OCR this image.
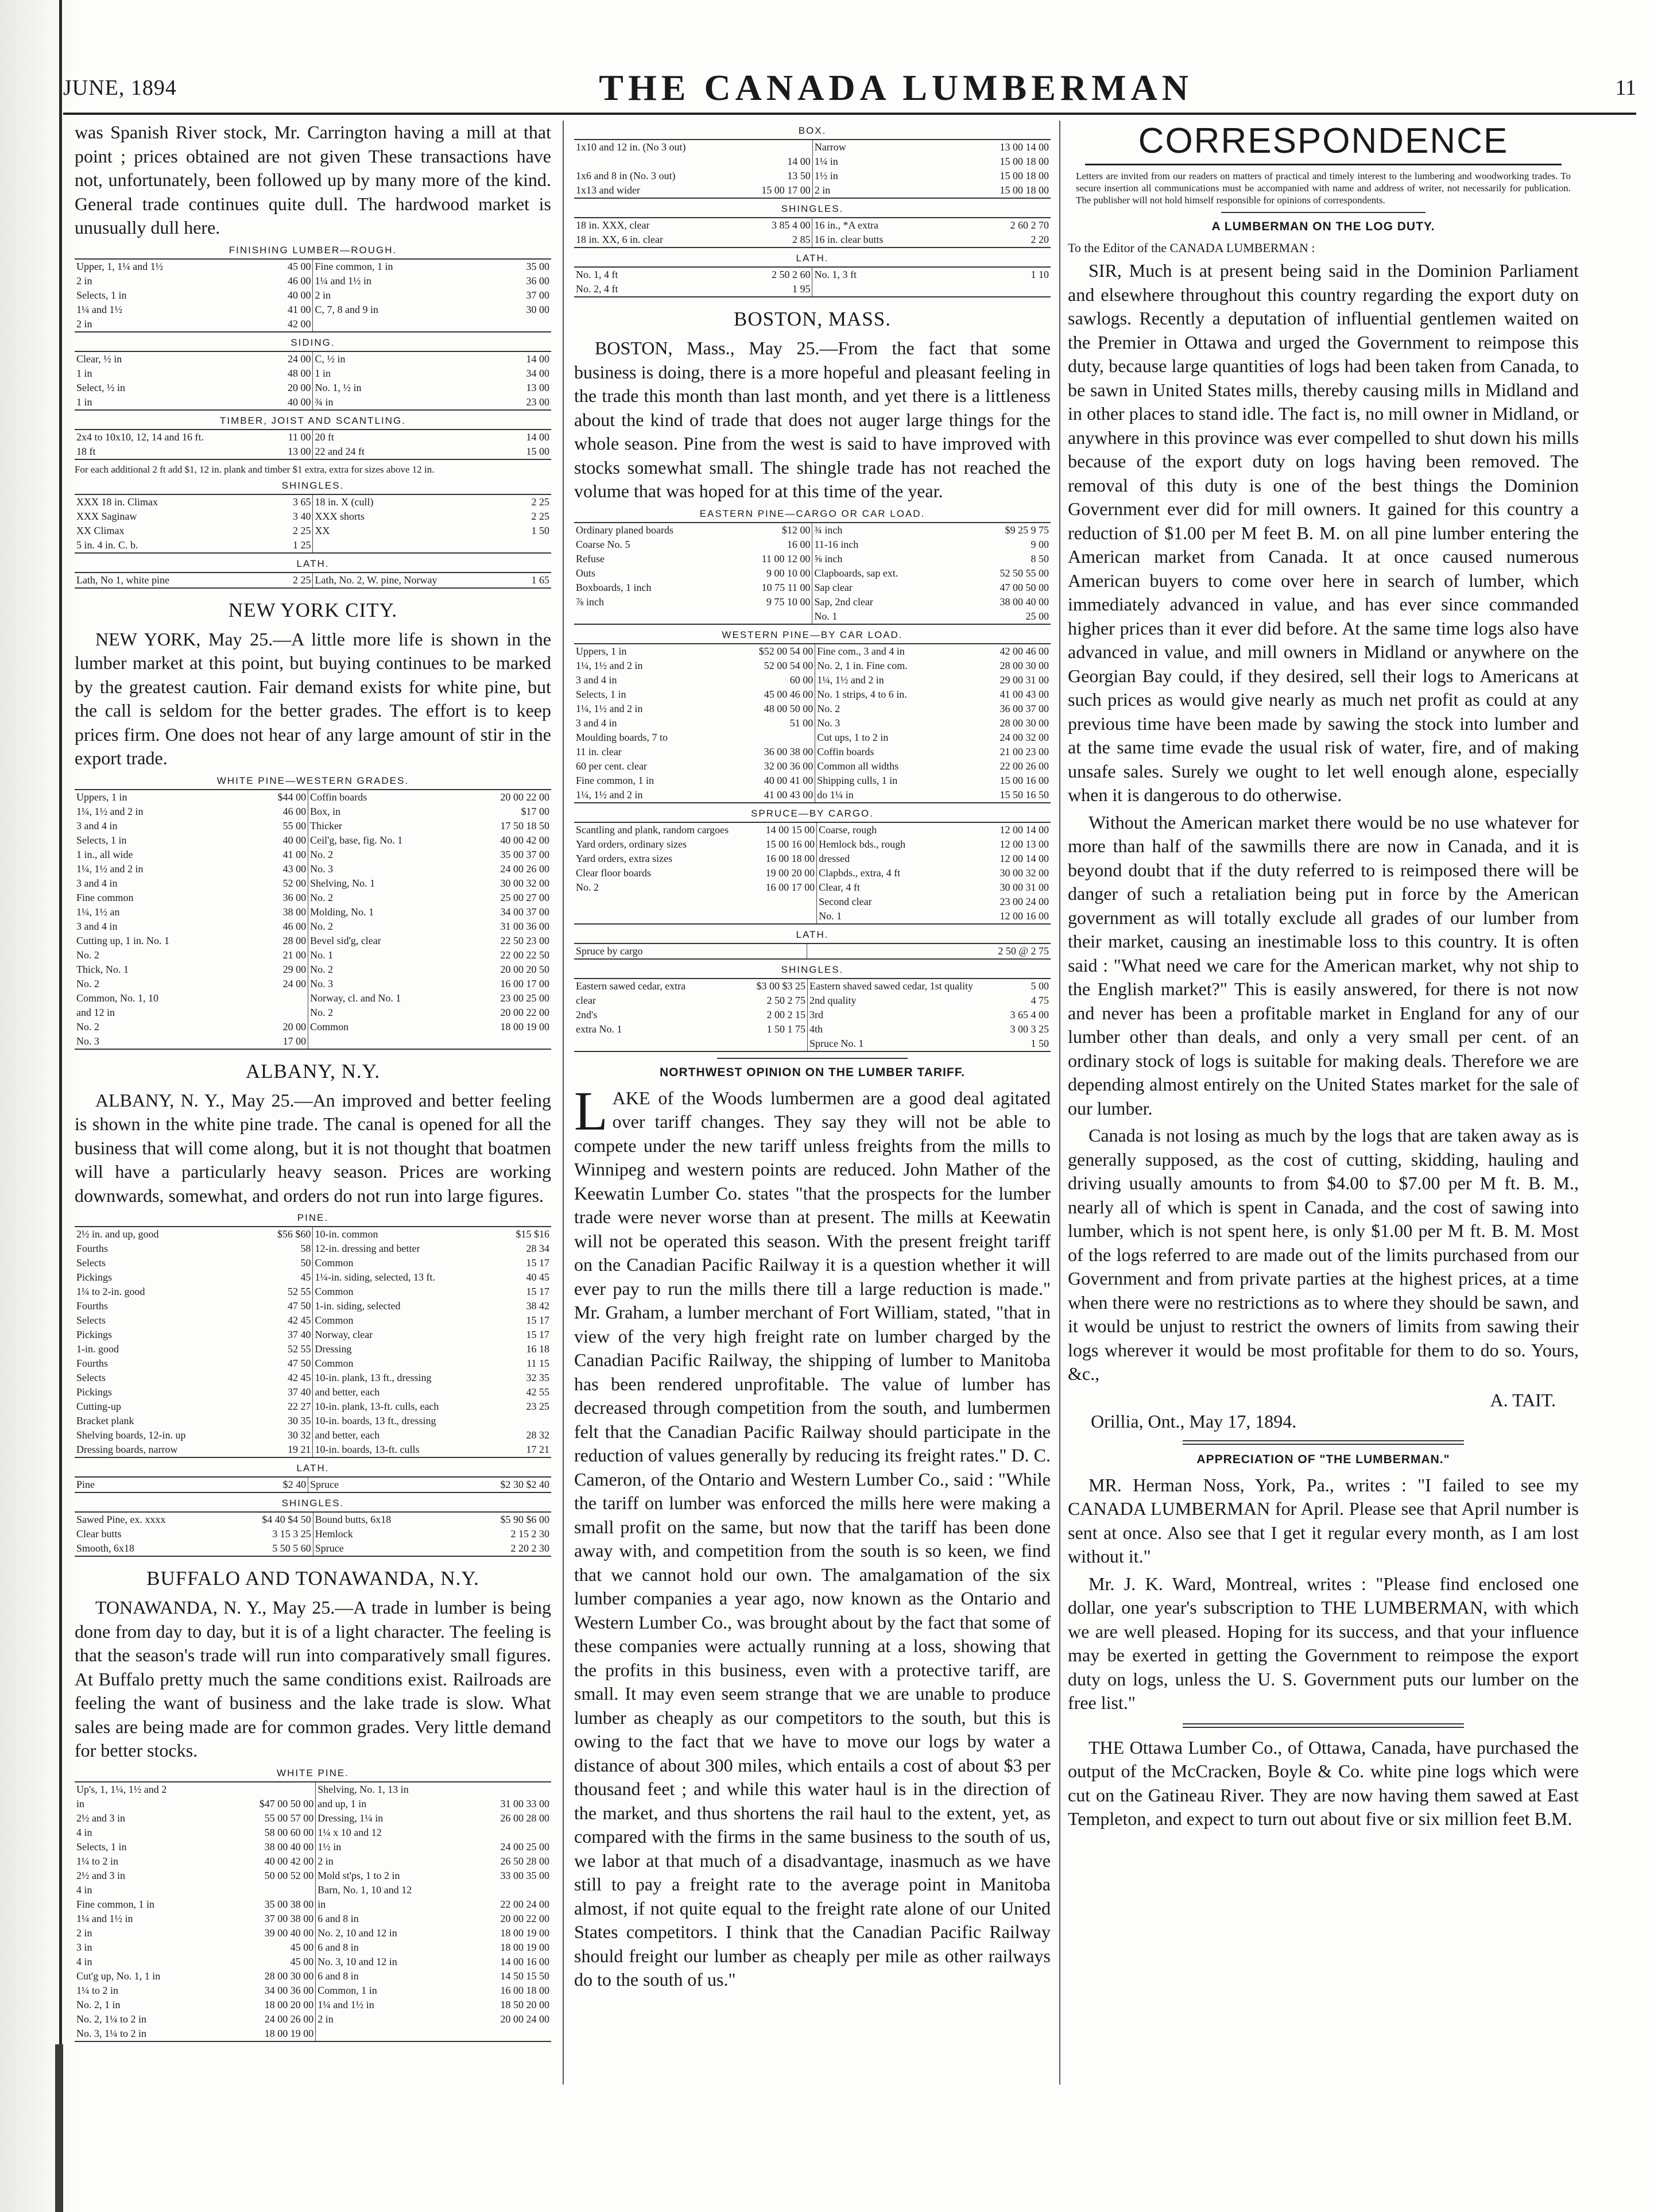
JUNE, 1894	THE CANADA LUMBERMAN	11

was Spanish River stock, Mr. Carrington having a mill at that point ; prices obtained are not given These transactions have not, unfortunately, been followed up by many more of the kind. General trade continues quite dull. The hardwood market is unusually dull here.

FINISHING LUMBER—ROUGH.
Upper, 1, 1¼ and 1½	45 00	Fine common, 1 in	35 00
2 in	46 00	1¼ and 1½ in	36 00
Selects, 1 in	40 00	2 in	37 00
1¼ and 1½	41 00	C, 7, 8 and 9 in	30 00
2 in	42 00		
SIDING.
Clear, ½ in	24 00	C, ½ in	14 00
1 in	48 00	1 in	34 00
Select, ½ in	20 00	No. 1, ½ in	13 00
1 in	40 00	¾ in	23 00
TIMBER, JOIST AND SCANTLING.
2x4 to 10x10, 12, 14 and 16 ft.	11 00	20 ft	14 00
18 ft	13 00	22 and 24 ft	15 00
For each additional 2 ft add $1, 12 in. plank and timber $1 extra, extra for sizes above 12 in.
SHINGLES.
XXX 18 in. Climax	3 65	18 in. X (cull)	2 25
XXX Saginaw	3 40	XXX shorts	2 25
XX Climax	2 25	XX	1 50
5 in. 4 in. C. b.	1 25		
LATH.
Lath, No 1, white pine	2 25	Lath, No. 2, W. pine, Norway	1 65
NEW YORK CITY.

NEW YORK, May 25.—A little more life is shown in the lumber market at this point, but buying continues to be marked by the greatest caution. Fair demand exists for white pine, but the call is seldom for the better grades. The effort is to keep prices firm. One does not hear of any large amount of stir in the export trade.

WHITE PINE—WESTERN GRADES.
Uppers, 1 in	$44 00	Coffin boards	20 00 22 00
1¼, 1½ and 2 in	46 00	Box, in	$17 00
3 and 4 in	55 00	Thicker	17 50 18 50
Selects, 1 in	40 00	Ceil'g, base, fig. No. 1	40 00 42 00
1 in., all wide	41 00	No. 2	35 00 37 00
1¼, 1½ and 2 in	43 00	No. 3	24 00 26 00
3 and 4 in	52 00	Shelving, No. 1	30 00 32 00
Fine common	36 00	No. 2	25 00 27 00
1¼, 1½ an	38 00	Molding, No. 1	34 00 37 00
3 and 4 in	46 00	No. 2	31 00 36 00
Cutting up, 1 in. No. 1	28 00	Bevel sid'g, clear	22 50 23 00
No. 2	21 00	No. 1	22 00 22 50
Thick, No. 1	29 00	No. 2	20 00 20 50
No. 2	24 00	No. 3	16 00 17 00
Common, No. 1, 10		Norway, cl. and No. 1	23 00 25 00
and 12 in		No. 2	20 00 22 00
No. 2	20 00	Common	18 00 19 00
No. 3	17 00		
ALBANY, N.Y.

ALBANY, N. Y., May 25.—An improved and better feeling is shown in the white pine trade. The canal is opened for all the business that will come along, but it is not thought that boatmen will have a particularly heavy season. Prices are working downwards, somewhat, and orders do not run into large figures.

PINE.
2½ in. and up, good	$56 $60	10-in. common	$15 $16
Fourths	58	12-in. dressing and better	28 34
Selects	50	Common	15 17
Pickings	45	1¼-in. siding, selected, 13 ft.	40 45
1¼ to 2-in. good	52 55	Common	15 17
Fourths	47 50	1-in. siding, selected	38 42
Selects	42 45	Common	15 17
Pickings	37 40	Norway, clear	15 17
1-in. good	52 55	Dressing	16 18
Fourths	47 50	Common	11 15
Selects	42 45	10-in. plank, 13 ft., dressing	32 35
Pickings	37 40	and better, each	42 55
Cutting-up	22 27	10-in. plank, 13-ft. culls, each	23 25
Bracket plank	30 35	10-in. boards, 13 ft., dressing	
Shelving boards, 12-in. up	30 32	and better, each	28 32
Dressing boards, narrow	19 21	10-in. boards, 13-ft. culls	17 21
LATH.
Pine	$2 40	Spruce	$2 30 $2 40
SHINGLES.
Sawed Pine, ex. xxxx	$4 40 $4 50	Bound butts, 6x18	$5 90 $6 00
Clear butts	3 15 3 25	Hemlock	2 15 2 30
Smooth, 6x18	5 50 5 60	Spruce	2 20 2 30
BUFFALO AND TONAWANDA, N.Y.

TONAWANDA, N. Y., May 25.—A trade in lumber is being done from day to day, but it is of a light character. The feeling is that the season's trade will run into comparatively small figures. At Buffalo pretty much the same conditions exist. Railroads are feeling the want of business and the lake trade is slow. What sales are being made are for common grades. Very little demand for better stocks.

WHITE PINE.
Up's, 1, 1¼, 1½ and 2		Shelving, No. 1, 13 in	
in	$47 00 50 00	and up, 1 in	31 00 33 00
2½ and 3 in	55 00 57 00	Dressing, 1¼ in	26 00 28 00
4 in	58 00 60 00	1¼ x 10 and 12	
Selects, 1 in	38 00 40 00	1½ in	24 00 25 00
1¼ to 2 in	40 00 42 00	2 in	26 50 28 00
2½ and 3 in	50 00 52 00	Mold st'ps, 1 to 2 in	33 00 35 00
4 in		Barn, No. 1, 10 and 12	
Fine common, 1 in	35 00 38 00	in	22 00 24 00
1¼ and 1½ in	37 00 38 00	6 and 8 in	20 00 22 00
2 in	39 00 40 00	No. 2, 10 and 12 in	18 00 19 00
3 in	45 00	6 and 8 in	18 00 19 00
4 in	45 00	No. 3, 10 and 12 in	14 00 16 00
Cut'g up, No. 1, 1 in	28 00 30 00	6 and 8 in	14 50 15 50
1¼ to 2 in	34 00 36 00	Common, 1 in	16 00 18 00
No. 2, 1 in	18 00 20 00	1¼ and 1½ in	18 50 20 00
No. 2, 1¼ to 2 in	24 00 26 00	2 in	20 00 24 00
No. 3, 1¼ to 2 in	18 00 19 00		
BOX.
1x10 and 12 in. (No 3 out)		Narrow	13 00 14 00
	14 00	1¼ in	15 00 18 00
1x6 and 8 in (No. 3 out)	13 50	1½ in	15 00 18 00
1x13 and wider	15 00 17 00	2 in	15 00 18 00
SHINGLES.
18 in. XXX, clear	3 85 4 00	16 in., *A extra	2 60 2 70
18 in. XX, 6 in. clear	2 85	16 in. clear butts	2 20
LATH.
No. 1, 4 ft	2 50 2 60	No. 1, 3 ft	1 10
No. 2, 4 ft	1 95		
BOSTON, MASS.

BOSTON, Mass., May 25.—From the fact that some business is doing, there is a more hopeful and pleasant feeling in the trade this month than last month, and yet there is a littleness about the kind of trade that does not auger large things for the whole season. Pine from the west is said to have improved with stocks somewhat small. The shingle trade has not reached the volume that was hoped for at this time of the year.

EASTERN PINE—CARGO OR CAR LOAD.
Ordinary planed boards	$12 00	¾ inch	$9 25 9 75
Coarse No. 5	16 00	11-16 inch	9 00
Refuse	11 00 12 00	⅝ inch	8 50
Outs	9 00 10 00	Clapboards, sap ext.	52 50 55 00
Boxboards, 1 inch	10 75 11 00	Sap clear	47 00 50 00
⅞ inch	9 75 10 00	Sap, 2nd clear	38 00 40 00
		No. 1	25 00
WESTERN PINE—BY CAR LOAD.
Uppers, 1 in	$52 00 54 00	Fine com., 3 and 4 in	42 00 46 00
1¼, 1½ and 2 in	52 00 54 00	No. 2, 1 in. Fine com.	28 00 30 00
3 and 4 in	60 00	1¼, 1½ and 2 in	29 00 31 00
Selects, 1 in	45 00 46 00	No. 1 strips, 4 to 6 in.	41 00 43 00
1¼, 1½ and 2 in	48 00 50 00	No. 2	36 00 37 00
3 and 4 in	51 00	No. 3	28 00 30 00
Moulding boards, 7 to		Cut ups, 1 to 2 in	24 00 32 00
11 in. clear	36 00 38 00	Coffin boards	21 00 23 00
60 per cent. clear	32 00 36 00	Common all widths	22 00 26 00
Fine common, 1 in	40 00 41 00	Shipping culls, 1 in	15 00 16 00
1¼, 1½ and 2 in	41 00 43 00	do 1¼ in	15 50 16 50
SPRUCE—BY CARGO.
Scantling and plank, random cargoes	14 00 15 00	Coarse, rough	12 00 14 00
Yard orders, ordinary sizes	15 00 16 00	Hemlock bds., rough	12 00 13 00
Yard orders, extra sizes	16 00 18 00	dressed	12 00 14 00
Clear floor boards	19 00 20 00	Clapbds., extra, 4 ft	30 00 32 00
No. 2	16 00 17 00	Clear, 4 ft	30 00 31 00
		Second clear	23 00 24 00
		No. 1	12 00 16 00
LATH.
Spruce by cargo			2 50 @ 2 75
SHINGLES.
Eastern sawed cedar, extra	$3 00 $3 25	Eastern shaved sawed cedar, 1st quality	5 00
clear	2 50 2 75	2nd quality	4 75
2nd's	2 00 2 15	3rd	3 65 4 00
extra No. 1	1 50 1 75	4th	3 00 3 25
		Spruce No. 1	1 50
NORTHWEST OPINION ON THE LUMBER TARIFF.

LAKE of the Woods lumbermen are a good deal agitated over tariff changes. They say they will not be able to compete under the new tariff unless freights from the mills to Winnipeg and western points are reduced. John Mather of the Keewatin Lumber Co. states "that the prospects for the lumber trade were never worse than at present. The mills at Keewatin will not be operated this season. With the present freight tariff on the Canadian Pacific Railway it is a question whether it will ever pay to run the mills there till a large reduction is made." Mr. Graham, a lumber merchant of Fort William, stated, "that in view of the very high freight rate on lumber charged by the Canadian Pacific Railway, the shipping of lumber to Manitoba has been rendered unprofitable. The value of lumber has decreased through competition from the south, and lumbermen felt that the Canadian Pacific Railway should participate in the reduction of values generally by reducing its freight rates." D. C. Cameron, of the Ontario and Western Lumber Co., said : "While the tariff on lumber was enforced the mills here were making a small profit on the same, but now that the tariff has been done away with, and competition from the south is so keen, we find that we cannot hold our own. The amalgamation of the six lumber companies a year ago, now known as the Ontario and Western Lumber Co., was brought about by the fact that some of these companies were actually running at a loss, showing that the profits in this business, even with a protective tariff, are small. It may even seem strange that we are unable to produce lumber as cheaply as our competitors to the south, but this is owing to the fact that we have to move our logs by water a distance of about 300 miles, which entails a cost of about $3 per thousand feet ; and while this water haul is in the direction of the market, and thus shortens the rail haul to the extent, yet, as compared with the firms in the same business to the south of us, we labor at that much of a disadvantage, inasmuch as we have still to pay a freight rate to the average point in Manitoba almost, if not quite equal to the freight rate alone of our United States competitors. I think that the Canadian Pacific Railway should freight our lumber as cheaply per mile as other railways do to the south of us."

CORRESPONDENCE
Letters are invited from our readers on matters of practical and timely interest to the lumbering and woodworking trades. To secure insertion all communications must be accompanied with name and address of writer, not necessarily for publication. The publisher will not hold himself responsible for opinions of correspondents.
A LUMBERMAN ON THE LOG DUTY.
To the Editor of the CANADA LUMBERMAN :

SIR, Much is at present being said in the Dominion Parliament and elsewhere throughout this country regarding the export duty on sawlogs. Recently a deputation of influential gentlemen waited on the Premier in Ottawa and urged the Government to reimpose this duty, because large quantities of logs had been taken from Canada, to be sawn in United States mills, thereby causing mills in Midland and in other places to stand idle. The fact is, no mill owner in Midland, or anywhere in this province was ever compelled to shut down his mills because of the export duty on logs having been removed. The removal of this duty is one of the best things the Dominion Government ever did for mill owners. It gained for this country a reduction of $1.00 per M feet B. M. on all pine lumber entering the American market from Canada. It at once caused numerous American buyers to come over here in search of lumber, which immediately advanced in value, and has ever since commanded higher prices than it ever did before. At the same time logs also have advanced in value, and mill owners in Midland or anywhere on the Georgian Bay could, if they desired, sell their logs to Americans at such prices as would give nearly as much net profit as could at any previous time have been made by sawing the stock into lumber and at the same time evade the usual risk of water, fire, and of making unsafe sales. Surely we ought to let well enough alone, especially when it is dangerous to do otherwise.

Without the American market there would be no use whatever for more than half of the sawmills there are now in Canada, and it is beyond doubt that if the duty referred to is reimposed there will be danger of such a retaliation being put in force by the American government as will totally exclude all grades of our lumber from their market, causing an inestimable loss to this country. It is often said : "What need we care for the American market, why not ship to the English market?" This is easily answered, for there is not now and never has been a profitable market in England for any of our lumber other than deals, and only a very small per cent. of an ordinary stock of logs is suitable for making deals. Therefore we are depending almost entirely on the United States market for the sale of our lumber.

Canada is not losing as much by the logs that are taken away as is generally supposed, as the cost of cutting, skidding, hauling and driving usually amounts to from $4.00 to $7.00 per M ft. B. M., nearly all of which is spent in Canada, and the cost of sawing into lumber, which is not spent here, is only $1.00 per M ft. B. M. Most of the logs referred to are made out of the limits purchased from our Government and from private parties at the highest prices, at a time when there were no restrictions as to where they should be sawn, and it would be unjust to restrict the owners of limits from sawing their logs wherever it would be most profitable for them to do so. Yours, &c.,

A. TAIT.
Orillia, Ont., May 17, 1894.
APPRECIATION OF "THE LUMBERMAN."

MR. Herman Noss, York, Pa., writes : "I failed to see my CANADA LUMBERMAN for April. Please see that April number is sent at once. Also see that I get it regular every month, as I am lost without it."

Mr. J. K. Ward, Montreal, writes : "Please find enclosed one dollar, one year's subscription to THE LUMBERMAN, with which we are well pleased. Hoping for its success, and that your influence may be exerted in getting the Government to reimpose the export duty on logs, unless the U. S. Government puts our lumber on the free list."

THE Ottawa Lumber Co., of Ottawa, Canada, have purchased the output of the McCracken, Boyle & Co. white pine logs which were cut on the Gatineau River. They are now having them sawed at East Templeton, and expect to turn out about five or six million feet B.M.
